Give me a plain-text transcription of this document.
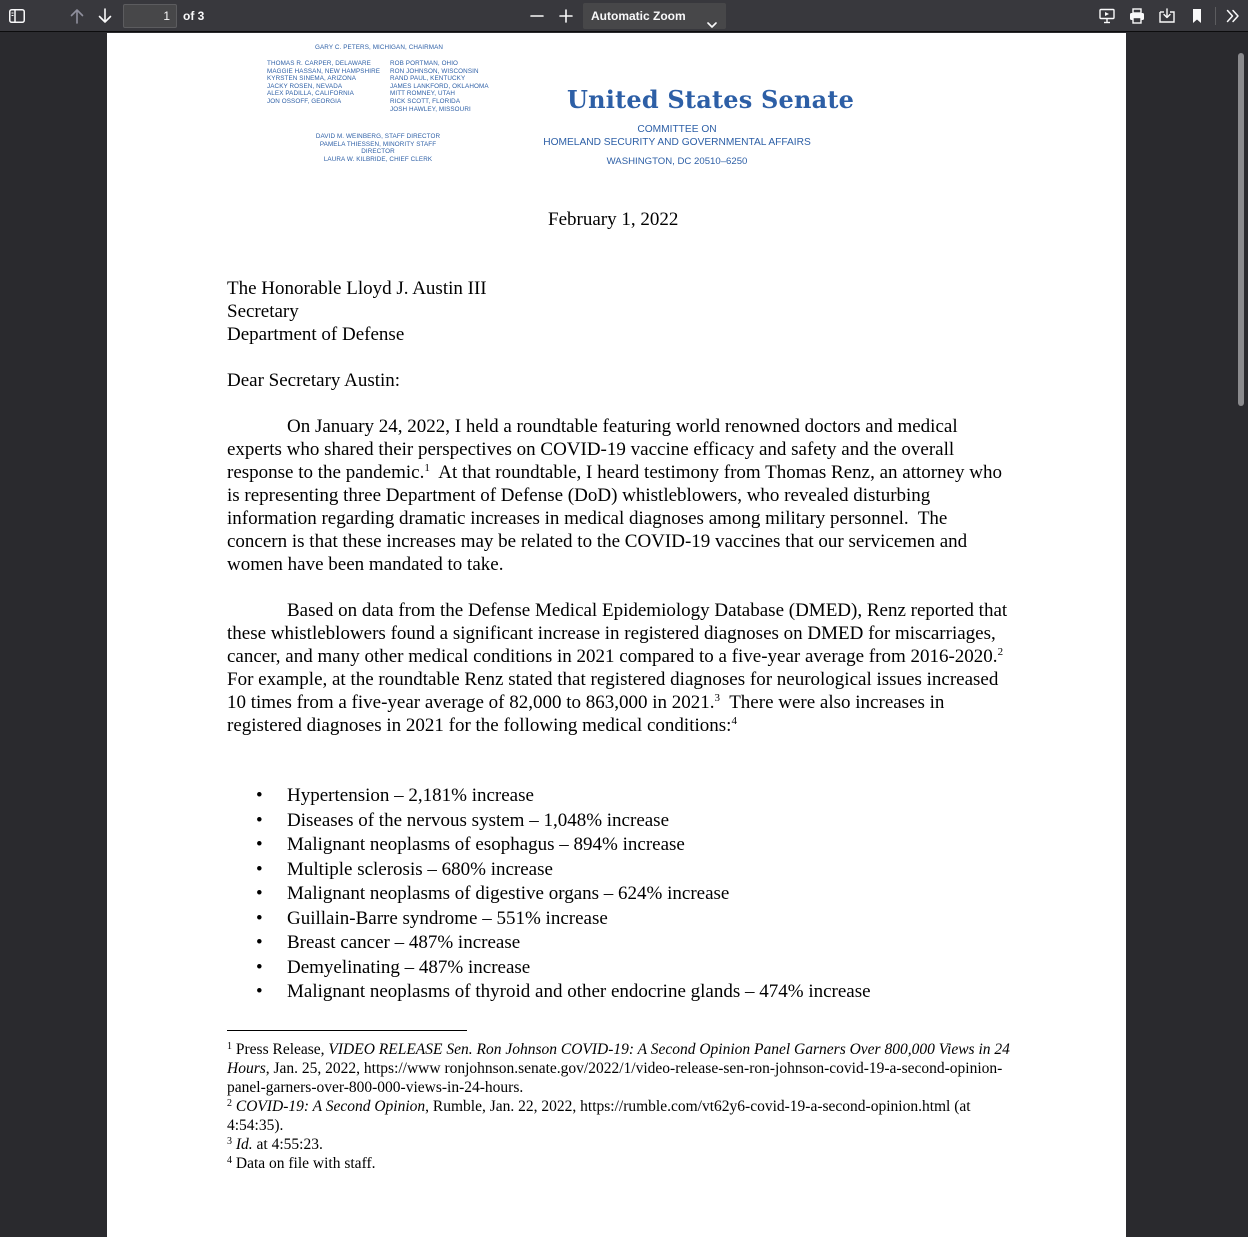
1	of 3	Automatic Zoom
GARY C. PETERS, MICHIGAN, CHAIRMAN
THOMAS R. CARPER, DELAWARE
MAGGIE HASSAN, NEW HAMPSHIRE
KYRSTEN SINEMA, ARIZONA
JACKY ROSEN, NEVADA
ALEX PADILLA, CALIFORNIA
JON OSSOFF, GEORGIA
ROB PORTMAN, OHIO
RON JOHNSON, WISCONSIN
RAND PAUL, KENTUCKY
JAMES LANKFORD, OKLAHOMA
MITT ROMNEY, UTAH
RICK SCOTT, FLORIDA
JOSH HAWLEY, MISSOURI
DAVID M. WEINBERG, STAFF DIRECTOR
PAMELA THIESSEN, MINORITY STAFF DIRECTOR
LAURA W. KILBRIDE, CHIEF CLERK
United States Senate
COMMITTEE ON
HOMELAND SECURITY AND GOVERNMENTAL AFFAIRS
WASHINGTON, DC 20510–6250
February 1, 2022
The Honorable Lloyd J. Austin III
Secretary
Department of Defense
Dear Secretary Austin:
On January 24, 2022, I held a roundtable featuring world renowned doctors and medical experts who shared their perspectives on COVID-19 vaccine efficacy and safety and the overall response to the pandemic.$^1$  At that roundtable, I heard testimony from Thomas Renz, an attorney who is representing three Department of Defense (DoD) whistleblowers, who revealed disturbing information regarding dramatic increases in medical diagnoses among military personnel.  The concern is that these increases may be related to the COVID-19 vaccines that our servicemen and women have been mandated to take.
Based on data from the Defense Medical Epidemiology Database (DMED), Renz reported that these whistleblowers found a significant increase in registered diagnoses on DMED for miscarriages, cancer, and many other medical conditions in 2021 compared to a five-year average from 2016-2020.$^2$  For example, at the roundtable Renz stated that registered diagnoses for neurological issues increased 10 times from a five-year average of 82,000 to 863,000 in 2021.$^3$  There were also increases in registered diagnoses in 2021 for the following medical conditions:$^4$
• Hypertension – 2,181% increase
• Diseases of the nervous system – 1,048% increase
• Malignant neoplasms of esophagus – 894% increase
• Multiple sclerosis – 680% increase
• Malignant neoplasms of digestive organs – 624% increase
• Guillain-Barre syndrome – 551% increase
• Breast cancer – 487% increase
• Demyelinating – 487% increase
• Malignant neoplasms of thyroid and other endocrine glands – 474% increase
$^1$ Press Release, VIDEO RELEASE Sen. Ron Johnson COVID-19: A Second Opinion Panel Garners Over 800,000 Views in 24 Hours, Jan. 25, 2022, https://www ronjohnson.senate.gov/2022/1/video-release-sen-ron-johnson-covid-19-a-second-opinion-panel-garners-over-800-000-views-in-24-hours.
$^2$ COVID-19: A Second Opinion, Rumble, Jan. 22, 2022, https://rumble.com/vt62y6-covid-19-a-second-opinion.html (at 4:54:35).
$^3$ Id. at 4:55:23.
$^4$ Data on file with staff.
